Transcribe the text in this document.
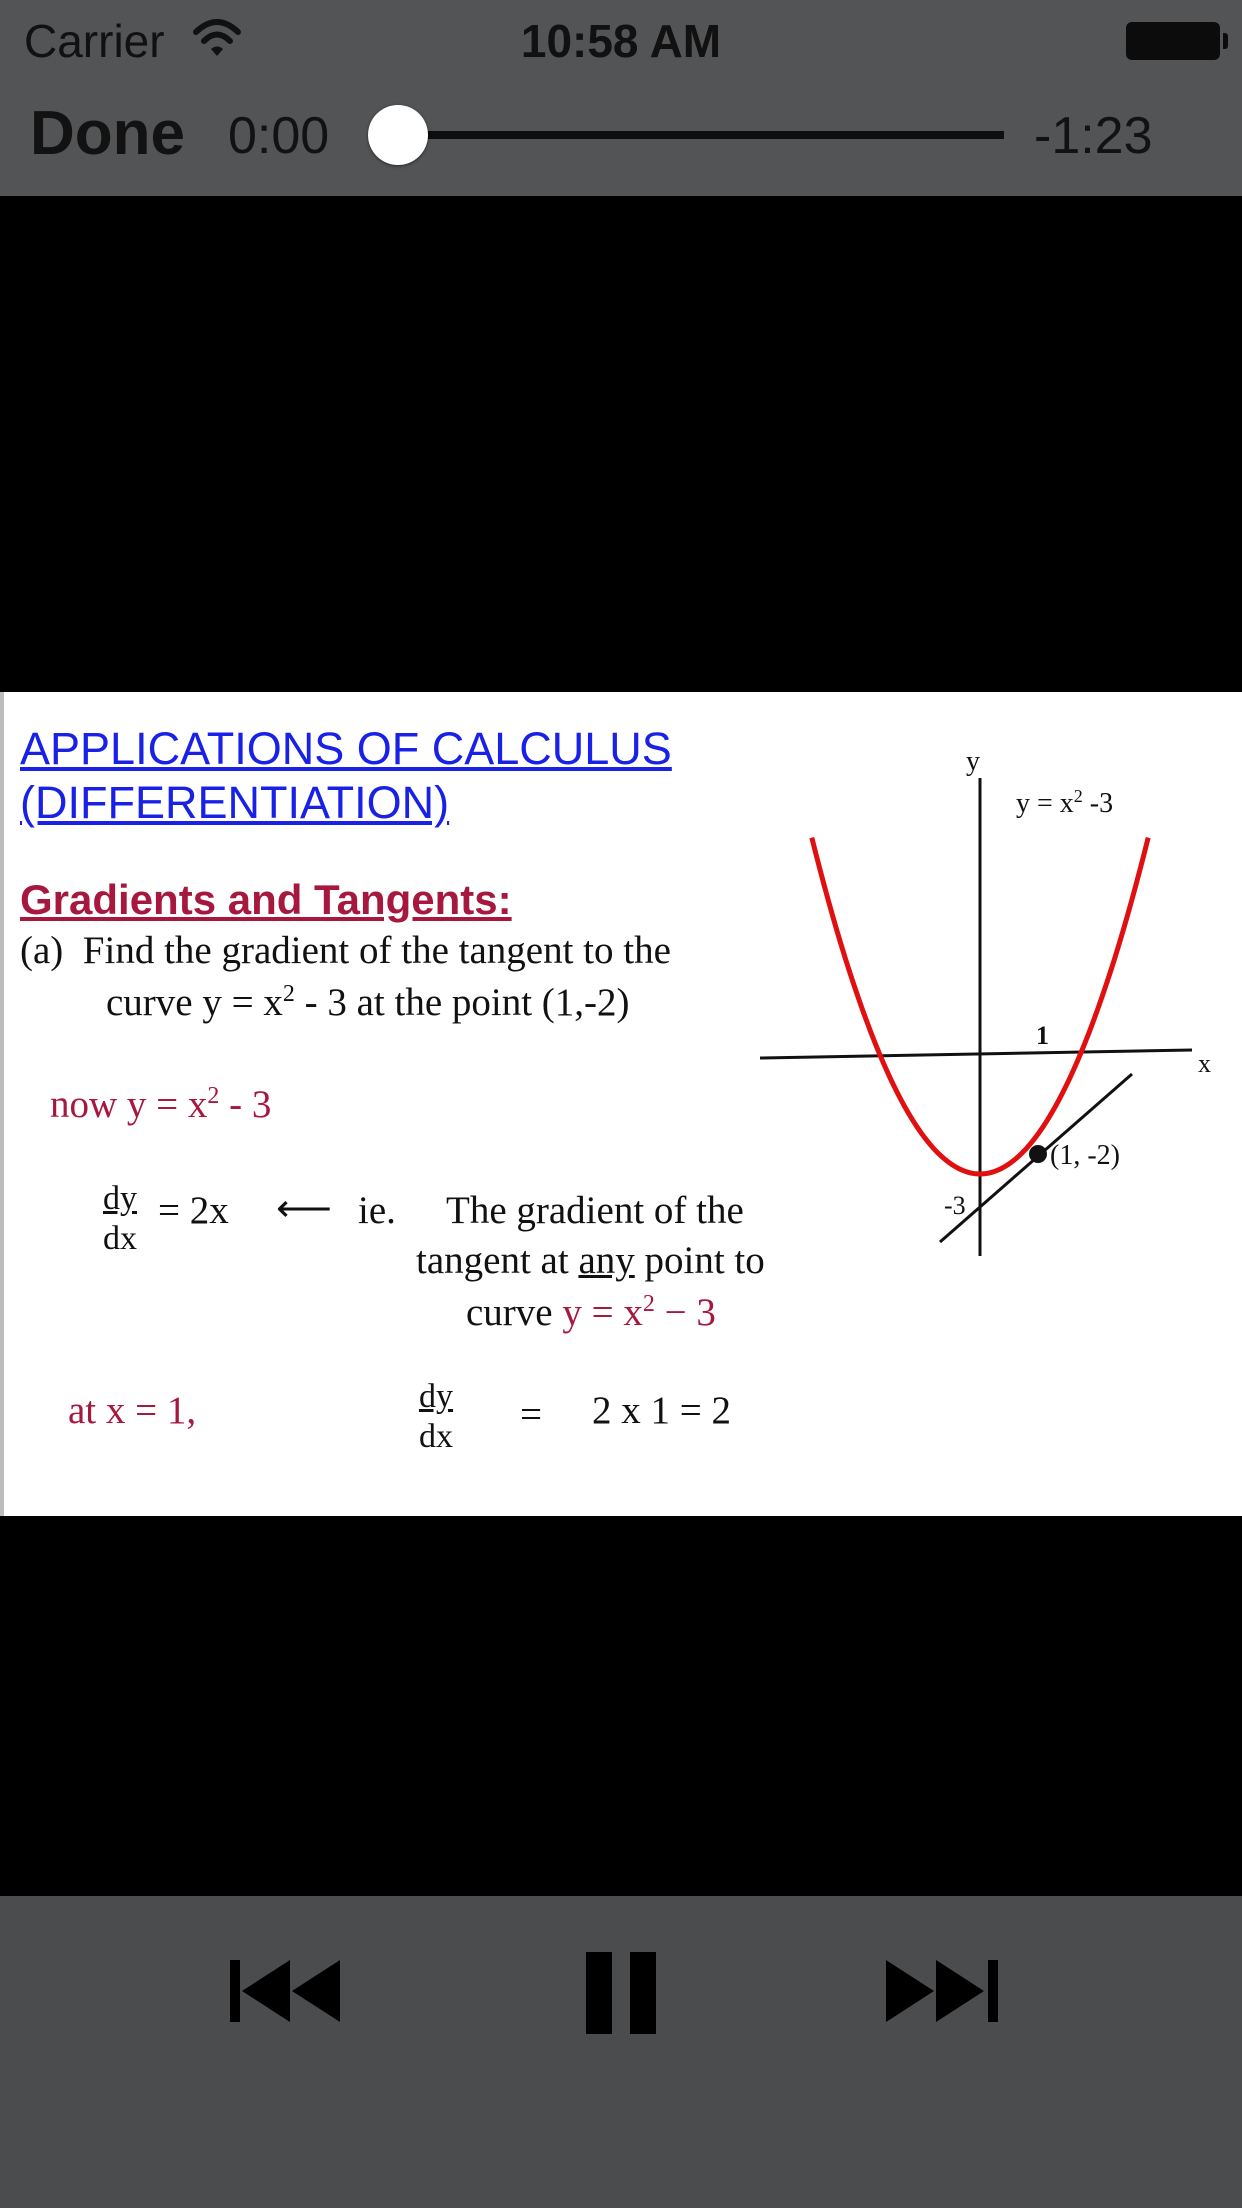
Carrier	10:58 AM
Done 0:00	-1:23
APPLICATIONS OF CALCULUS
(DIFFERENTIATION)
Gradients and Tangents:
(a) Find the gradient of the tangent to the
curve $y = x^2 - 3$ at the point (1,-2)
now $y = x^2 - 3$
$\frac{dy}{dx} = 2x$ ⟵ ie. The gradient of the
tangent at any point to
curve $y = x^2 - 3$
at x = 1,	$\frac{dy}{dx} = 2$ x 1 = 2
y
x
$y = x^2$ -3
1
-3
(1, -2)
